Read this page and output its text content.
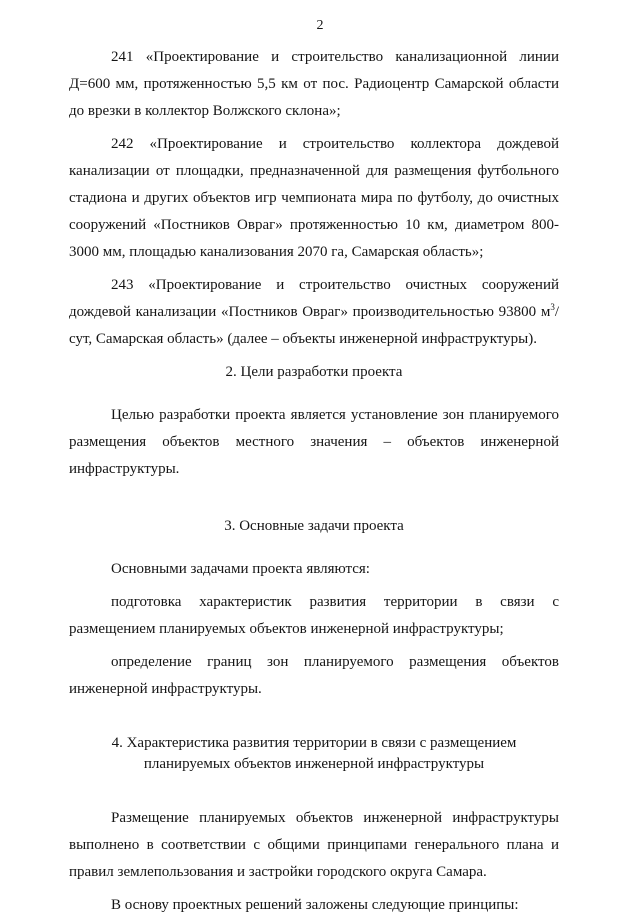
2

241 «Проектирование и строительство канализационной линии Д=600 мм, протяженностью 5,5 км от пос. Радиоцентр Самарской области до врезки в коллектор Волжского склона»;

242 «Проектирование и строительство коллектора дождевой канализации от площадки, предназначенной для размещения футбольного стадиона и других объектов игр чемпионата мира по футболу, до очистных сооружений «Постников Овраг» протяженностью 10 км, диаметром 800-3000 мм, площадью канализования 2070 га, Самарская область»;

243 «Проектирование и строительство очистных сооружений дождевой канализации «Постников Овраг» производительностью 93800 $м^3$/сут, Самарская область» (далее – объекты инженерной инфраструктуры).

2. Цели разработки проекта

Целью разработки проекта является установление зон планируемого размещения объектов местного значения – объектов инженерной инфраструктуры.

3. Основные задачи проекта

Основными задачами проекта являются:

подготовка характеристик развития территории в связи с размещением планируемых объектов инженерной инфраструктуры;

определение границ зон планируемого размещения объектов инженерной инфраструктуры.

4. Характеристика развития территории в связи с размещением
планируемых объектов инженерной инфраструктуры

Размещение планируемых объектов инженерной инфраструктуры выполнено в соответствии с общими принципами генерального плана и правил землепользования и застройки городского округа Самара.

В основу проектных решений заложены следующие принципы:
